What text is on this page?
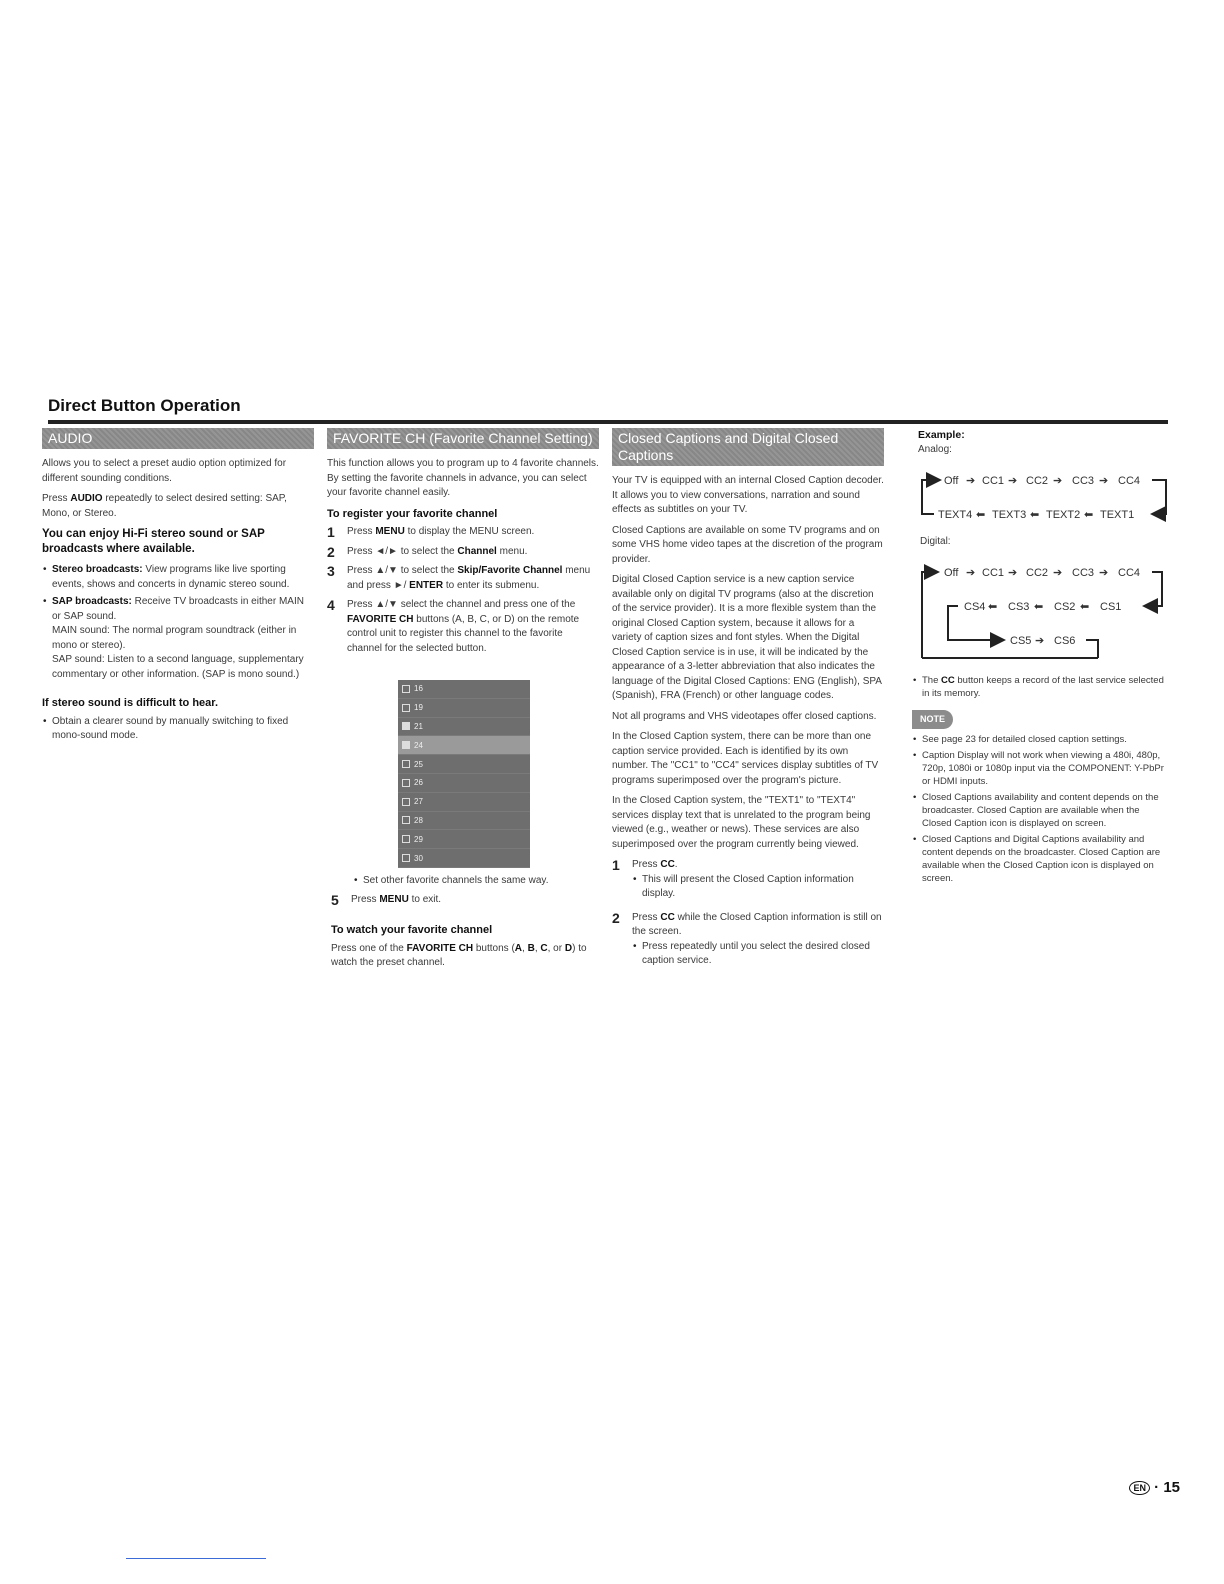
Direct Button Operation
AUDIO

Allows you to select a preset audio option optimized for different sounding conditions.

Press AUDIO repeatedly to select desired setting: SAP, Mono, or Stereo.

You can enjoy Hi-Fi stereo sound or SAP broadcasts where available.
• Stereo broadcasts: View programs like live sporting events, shows and concerts in dynamic stereo sound.
• SAP broadcasts: Receive TV broadcasts in either MAIN or SAP sound.
MAIN sound: The normal program soundtrack (either in mono or stereo).
SAP sound: Listen to a second language, supplementary commentary or other information. (SAP is mono sound.)
If stereo sound is difficult to hear.
• Obtain a clearer sound by manually switching to fixed mono-sound mode.
FAVORITE CH (Favorite Channel Setting)

This function allows you to program up to 4 favorite channels. By setting the favorite channels in advance, you can select your favorite channel easily.

To register your favorite channel
1	Press MENU to display the MENU screen.
2	Press ◄/► to select the Channel menu.
3	Press ▲/▼ to select the Skip/Favorite Channel menu and press ►/ ENTER to enter its submenu.
4	Press ▲/▼ select the channel and press one of the FAVORITE CH buttons (A, B, C, or D) on the remote control unit to register this channel to the favorite channel for the selected button.
16
19
21
24
25
26
27
28
29
30
• Set other favorite channels the same way.
5	Press MENU to exit.
To watch your favorite channel

Press one of the FAVORITE CH buttons (A, B, C, or D) to watch the preset channel.

Closed Captions and Digital Closed Captions

Your TV is equipped with an internal Closed Caption decoder. It allows you to view conversations, narration and sound effects as subtitles on your TV.

Closed Captions are available on some TV programs and on some VHS home video tapes at the discretion of the program provider.

Digital Closed Caption service is a new caption service available only on digital TV programs (also at the discretion of the service provider). It is a more flexible system than the original Closed Caption system, because it allows for a variety of caption sizes and font styles. When the Digital Closed Caption service is in use, it will be indicated by the appearance of a 3-letter abbreviation that also indicates the language of the Digital Closed Captions: ENG (English), SPA (Spanish), FRA (French) or other language codes.

Not all programs and VHS videotapes offer closed captions.

In the Closed Caption system, there can be more than one caption service provided. Each is identified by its own number. The "CC1" to "CC4" services display subtitles of TV programs superimposed over the program's picture.

In the Closed Caption system, the "TEXT1" to "TEXT4" services display text that is unrelated to the program being viewed (e.g., weather or news). These services are also superimposed over the program currently being viewed.

1	Press CC.
• This will present the Closed Caption information display.
2	Press CC while the Closed Caption information is still on the screen.
• Press repeatedly until you select the desired closed caption service.
Example:
Analog:
Off ➔ CC1 ➔ CC2 ➔ CC3 ➔ CC4
TEXT4 ⬅ TEXT3 ⬅ TEXT2 ⬅ TEXT1
Digital:
Off ➔ CC1 ➔ CC2 ➔ CC3 ➔ CC4
CS4 ⬅ CS3 ⬅ CS2 ⬅ CS1
CS5 ➔ CS6
• The CC button keeps a record of the last service selected in its memory.
NOTE
• See page 23 for detailed closed caption settings.
• Caption Display will not work when viewing a 480i, 480p, 720p, 1080i or 1080p input via the COMPONENT: Y-PbPr or HDMI inputs.
• Closed Captions availability and content depends on the broadcaster. Closed Caption are available when the Closed Caption icon is displayed on screen.
• Closed Captions and Digital Captions availability and content depends on the broadcaster. Closed Caption are available when the Closed Caption icon is displayed on screen.
EN · 15
